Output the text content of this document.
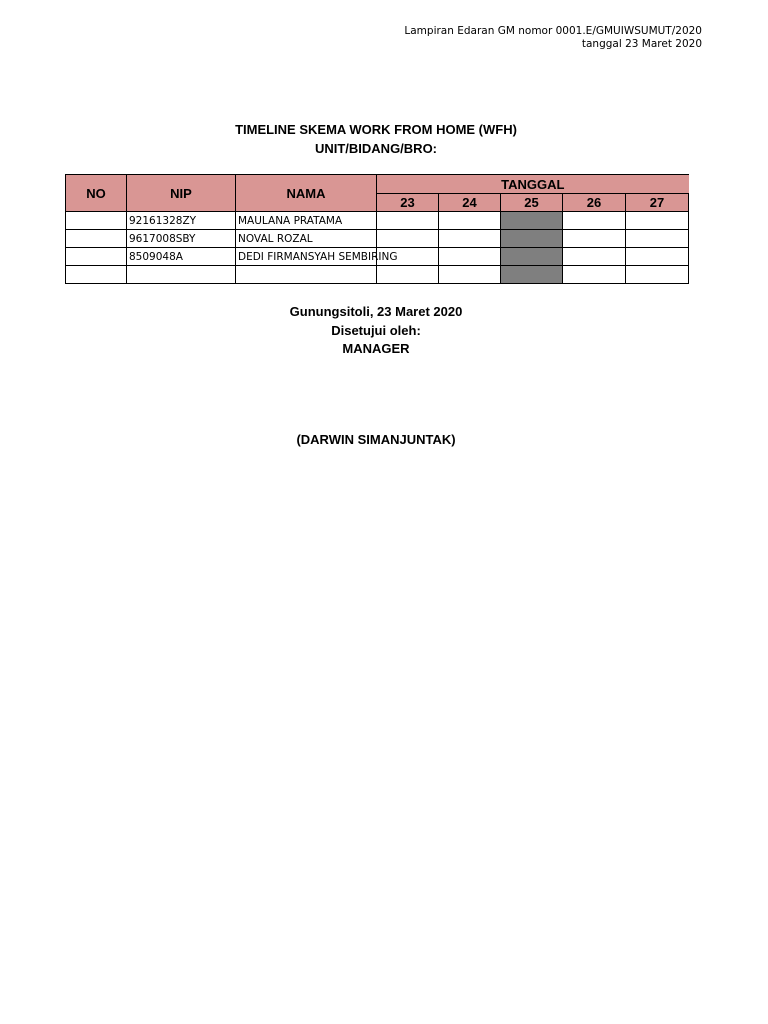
Lampiran Edaran GM nomor 0001.E/GMUIWSUMUT/2020
tanggal 23 Maret 2020
TIMELINE SKEMA WORK FROM HOME (WFH)
UNIT/BIDANG/BRO:
NO	NIP	NAMA	TANGGAL				
			23	24	25	26	27
	92161328ZY	MAULANA PRATAMA					
	9617008SBY	NOVAL ROZAL					
	8509048A	DEDI FIRMANSYAH SEMBIRING					

Gunungsitoli, 23 Maret 2020
Disetujui oleh:
MANAGER
(DARWIN SIMANJUNTAK)
